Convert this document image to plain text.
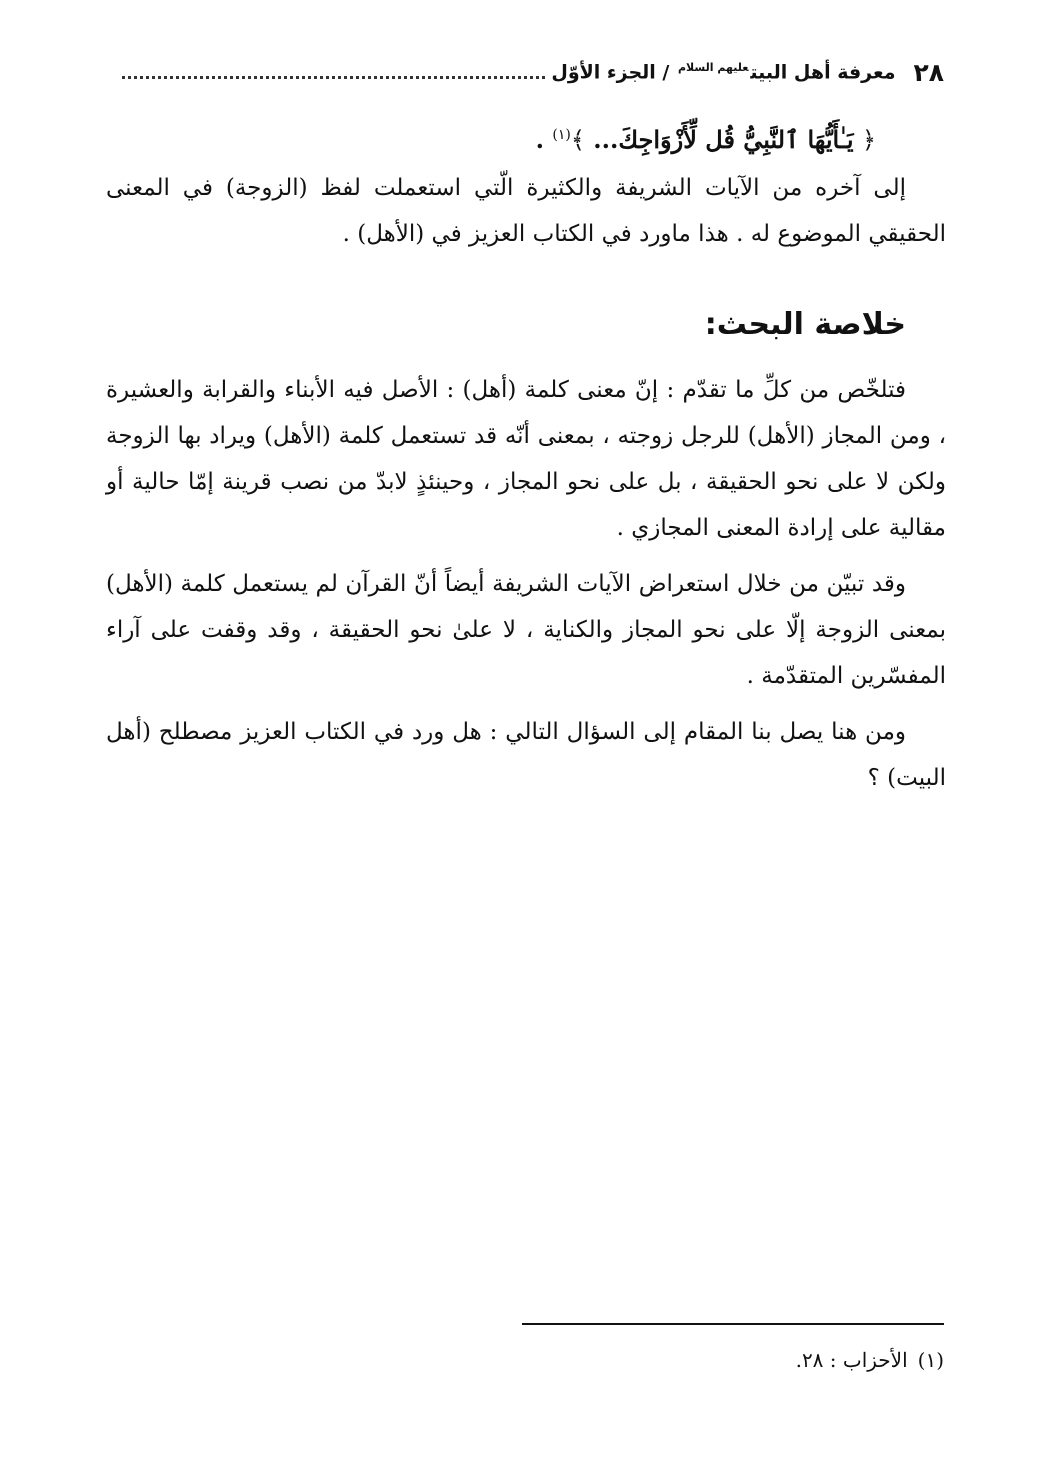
٢٨
معرفة أهل البيت$^{عليهم السلام}$ / الجزء الأوّل
﴿ يَـٰأَيُّهَا ٱلنَّبِيُّ قُل لِّأَزْوَاجِكَ... ﴾$^{(١)}$ .

إلى آخره من الآيات الشريفة والكثيرة الّتي استعملت لفظ (الزوجة) في المعنى الحقيقي الموضوع له . هذا ماورد في الكتاب العزيز في (الأهل) .

خلاصة البحث:

فتلخّص من كلِّ ما تقدّم : إنّ معنى كلمة (أهل) : الأصل فيه الأبناء والقرابة والعشيرة ، ومن المجاز (الأهل) للرجل زوجته ، بمعنى أنّه قد تستعمل كلمة (الأهل) ويراد بها الزوجة ولكن لا على نحو الحقيقة ، بل على نحو المجاز ، وحينئذٍ لابدّ من نصب قرينة إمّا حالية أو مقالية على إرادة المعنى المجازي .

وقد تبيّن من خلال استعراض الآيات الشريفة أيضاً أنّ القرآن لم يستعمل كلمة (الأهل) بمعنى الزوجة إلّا على نحو المجاز والكناية ، لا علىٰ نحو الحقيقة ، وقد وقفت على آراء المفسّرين المتقدّمة .

ومن هنا يصل بنا المقام إلى السؤال التالي : هل ورد في الكتاب العزيز مصطلح (أهل البيت) ؟

(١)الأحزاب : ٢٨.
